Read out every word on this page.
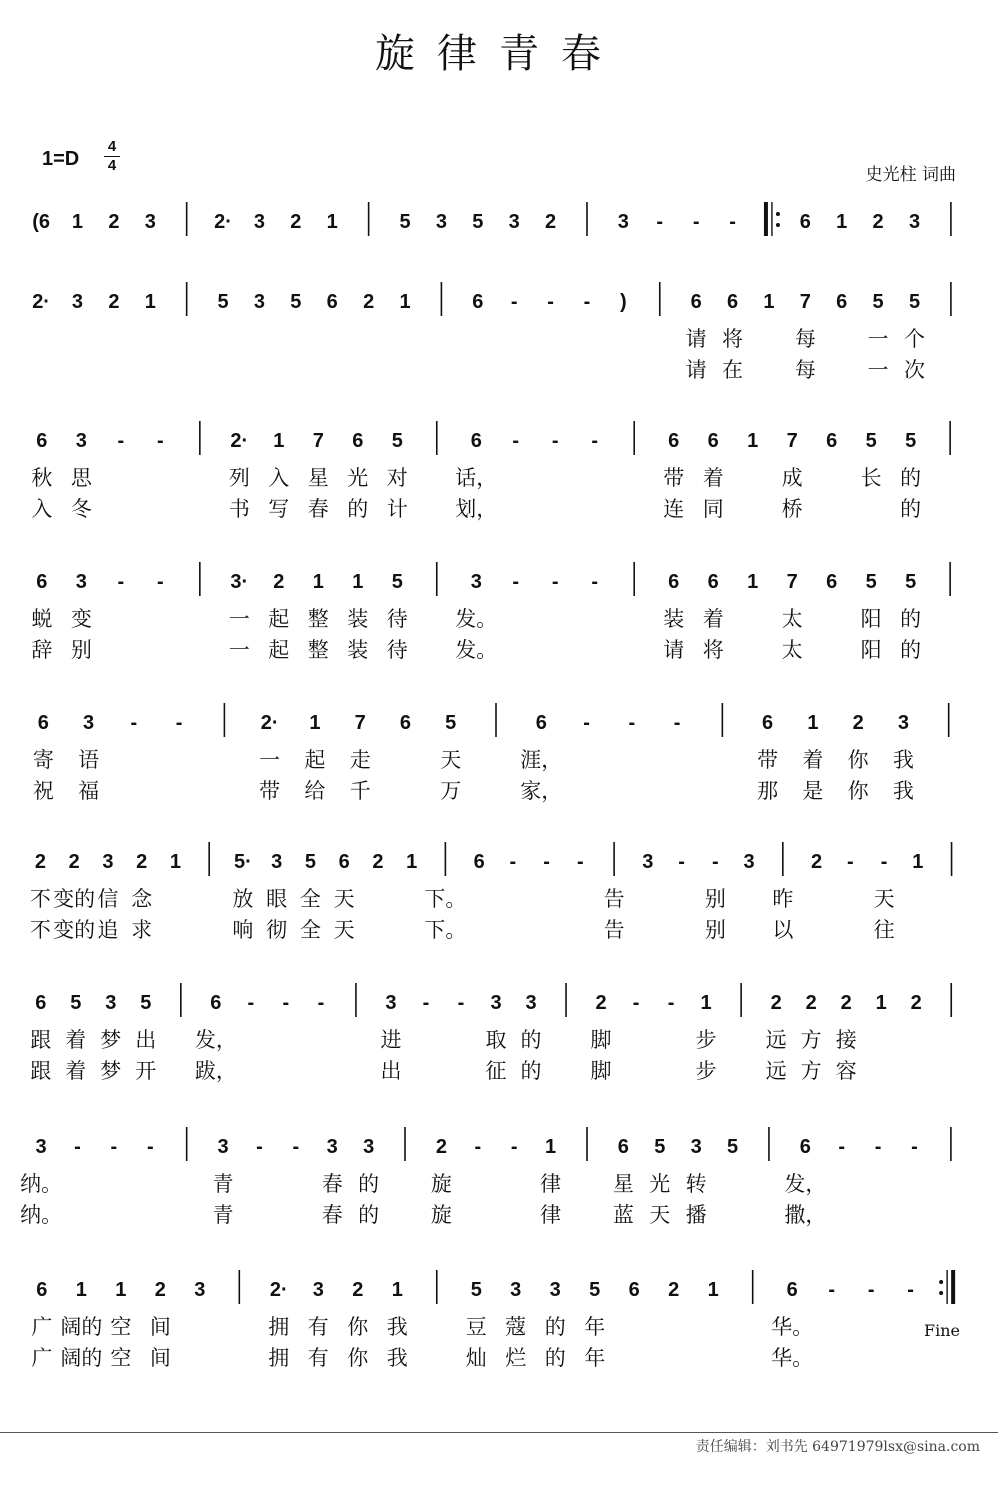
旋律青春
1=D
4
4	史光柱 词曲
(6 1 2 3	2· 3 2 1	5 3 5 3 2	3 - - -	6 1 2 3
2· 3 2 1	5 3 5 6 2 1	6 - - - )	6 6 1 7 6 5 5
请 将 每 一 个
请 在 每 一 次
6 3 - -	2· 1 7 6 5	6 - - -	6 6 1 7 6 5 5
秋 思	列 入 星 光 对 话，	带 着	成	长 的
入 冬	书 写 春 的 计 划，	连 同	桥	的
6 3 - -	3· 2 1 1 5	3 - - -	6 6 1 7 6 5 5
蜕 变	一 起 整 装 待 发。	装 着	太	阳 的
辞 别	一 起 整 装 待 发。	请 将	太	阳 的
6 3 - -	2· 1 7 6 5	6 - - -	6 1 2 3
寄 语	一 起 走	天	涯，	带 着 你 我
祝 福	带 给 千	万	家，	那 是 你 我
2 2 3 2 1	5· 3 5 6 2 1	6 - - -	3 - - 3	2 - - 1
不 变的 信 念	放 眼 全 天	下。	告	别 昨	天
不 变的 追 求	响 彻 全 天	下。	告	别 以	往
6 5 3 5	6 - - -	3 - - 3 3	2 - - 1	2 2 2 1 2
跟 着 梦 出 发，	进	取 的 脚	步 远 方 接
跟 着 梦 开 跋，	出	征 的 脚	步 远 方 容
3 - - -	3 - - 3 3	2 - - 1	6 5 3 5	6 - - -
纳。	青	春 的 旋	律 星 光 转	发，
纳。	青	春 的 旋	律 蓝 天 播	撒，
6 1 1 2 3	2· 3 2 1	5 3 3 5 6 2 1	6 - - -
广 阔的 空 间	拥 有 你 我	豆 蔻 的 年	华。
广 阔的 空 间	拥 有 你 我	灿 烂 的 年	华。
Fine
责任编辑：刘书先 64971979lsx@sina.com
